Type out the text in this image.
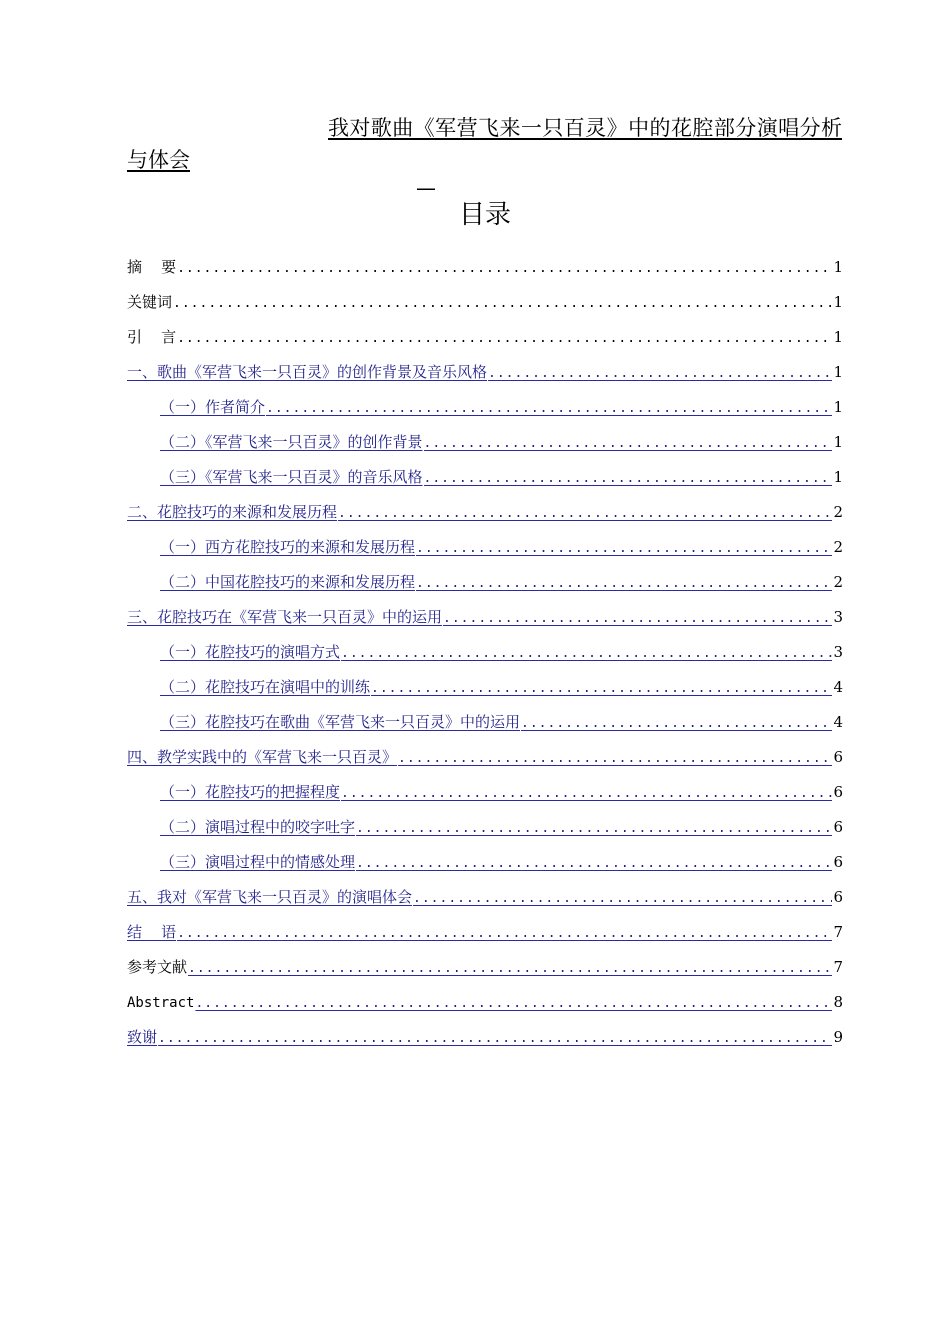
我对歌曲《军营飞来一只百灵》中的花腔部分演唱分析与体会
—
目录
摘    要 .....	1
关键词 .....	1
引    言 .....	1
一、歌曲《军营飞来一只百灵》的创作背景及音乐风格 .....	1
（一）作者简介 .....	1
（二）《军营飞来一只百灵》的创作背景 .....	1
（三）《军营飞来一只百灵》的音乐风格 .....	1
二、花腔技巧的来源和发展历程 .....	2
（一）西方花腔技巧的来源和发展历程 .....	2
（二）中国花腔技巧的来源和发展历程 .....	2
三、花腔技巧在《军营飞来一只百灵》中的运用 .....	3
（一）花腔技巧的演唱方式 .....	3
（二）花腔技巧在演唱中的训练 .....	4
（三）花腔技巧在歌曲《军营飞来一只百灵》中的运用 .....	4
四、教学实践中的《军营飞来一只百灵》 .....	6
（一）花腔技巧的把握程度 .....	6
（二）演唱过程中的咬字吐字 .....	6
（三）演唱过程中的情感处理 .....	6
五、我对《军营飞来一只百灵》的演唱体会 .....	6
结    语 .....	7
参考文献 .....	7
Abstract .....	8
致谢 .....	9
